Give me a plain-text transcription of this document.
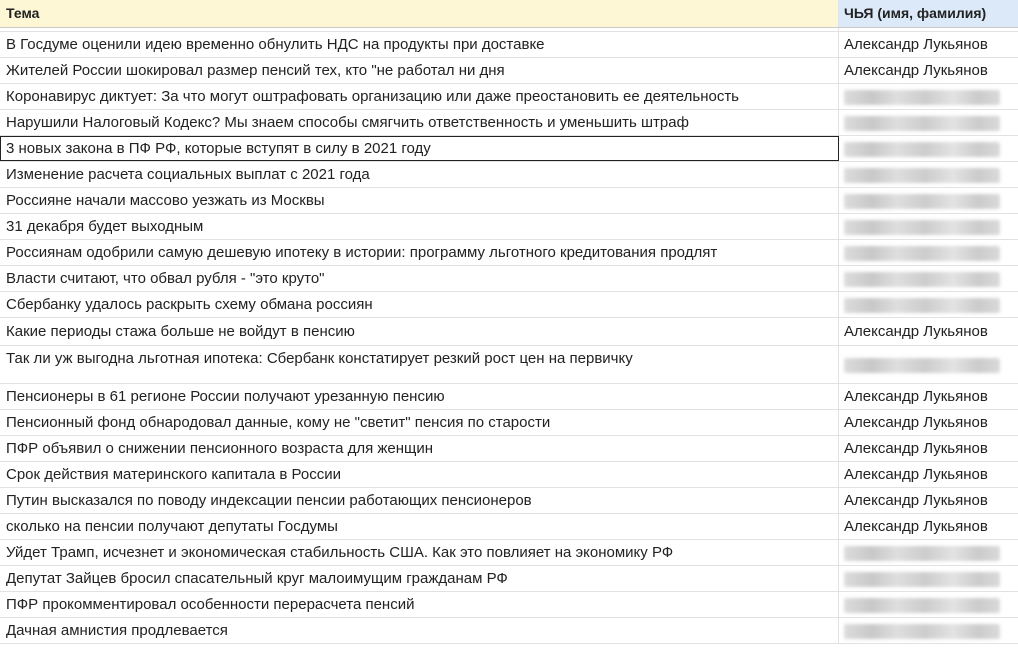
Тема	ЧЬЯ (имя, фамилия)
В Госдуме оценили идею временно обнулить НДС на продукты при доставке	Александр Лукьянов
Жителей России шокировал размер пенсий тех, кто "не работал ни дня	Александр Лукьянов
Коронавирус диктует: За что могут оштрафовать организацию или даже преостановить ее деятельность
Нарушили Налоговый Кодекс? Мы знаем способы смягчить ответственность и уменьшить штраф
3 новых закона в ПФ РФ, которые вступят в силу в 2021 году
Изменение расчета социальных выплат с 2021 года
Россияне начали массово уезжать из Москвы
31 декабря будет выходным
Россиянам одобрили самую дешевую ипотеку в истории: программу льготного кредитования продлят
Власти считают, что обвал рубля - "это круто"
Сбербанку удалось раскрыть схему обмана россиян
Какие периоды стажа больше не войдут в пенсию	Александр Лукьянов
Так ли уж выгодна льготная ипотека: Сбербанк констатирует резкий рост цен на первичку
Пенсионеры в 61 регионе России получают урезанную пенсию	Александр Лукьянов
Пенсионный фонд обнародовал данные, кому не "светит" пенсия по старости	Александр Лукьянов
ПФР объявил о снижении пенсионного возраста для женщин	Александр Лукьянов
Срок действия материнского капитала в России	Александр Лукьянов
Путин высказался по поводу индексации пенсии работающих пенсионеров	Александр Лукьянов
сколько на пенсии получают депутаты Госдумы	Александр Лукьянов
Уйдет Трамп, исчезнет и экономическая стабильность США. Как это повлияет на экономику РФ
Депутат Зайцев бросил спасательный круг малоимущим гражданам РФ
ПФР прокомментировал особенности перерасчета пенсий
Дачная амнистия продлевается
